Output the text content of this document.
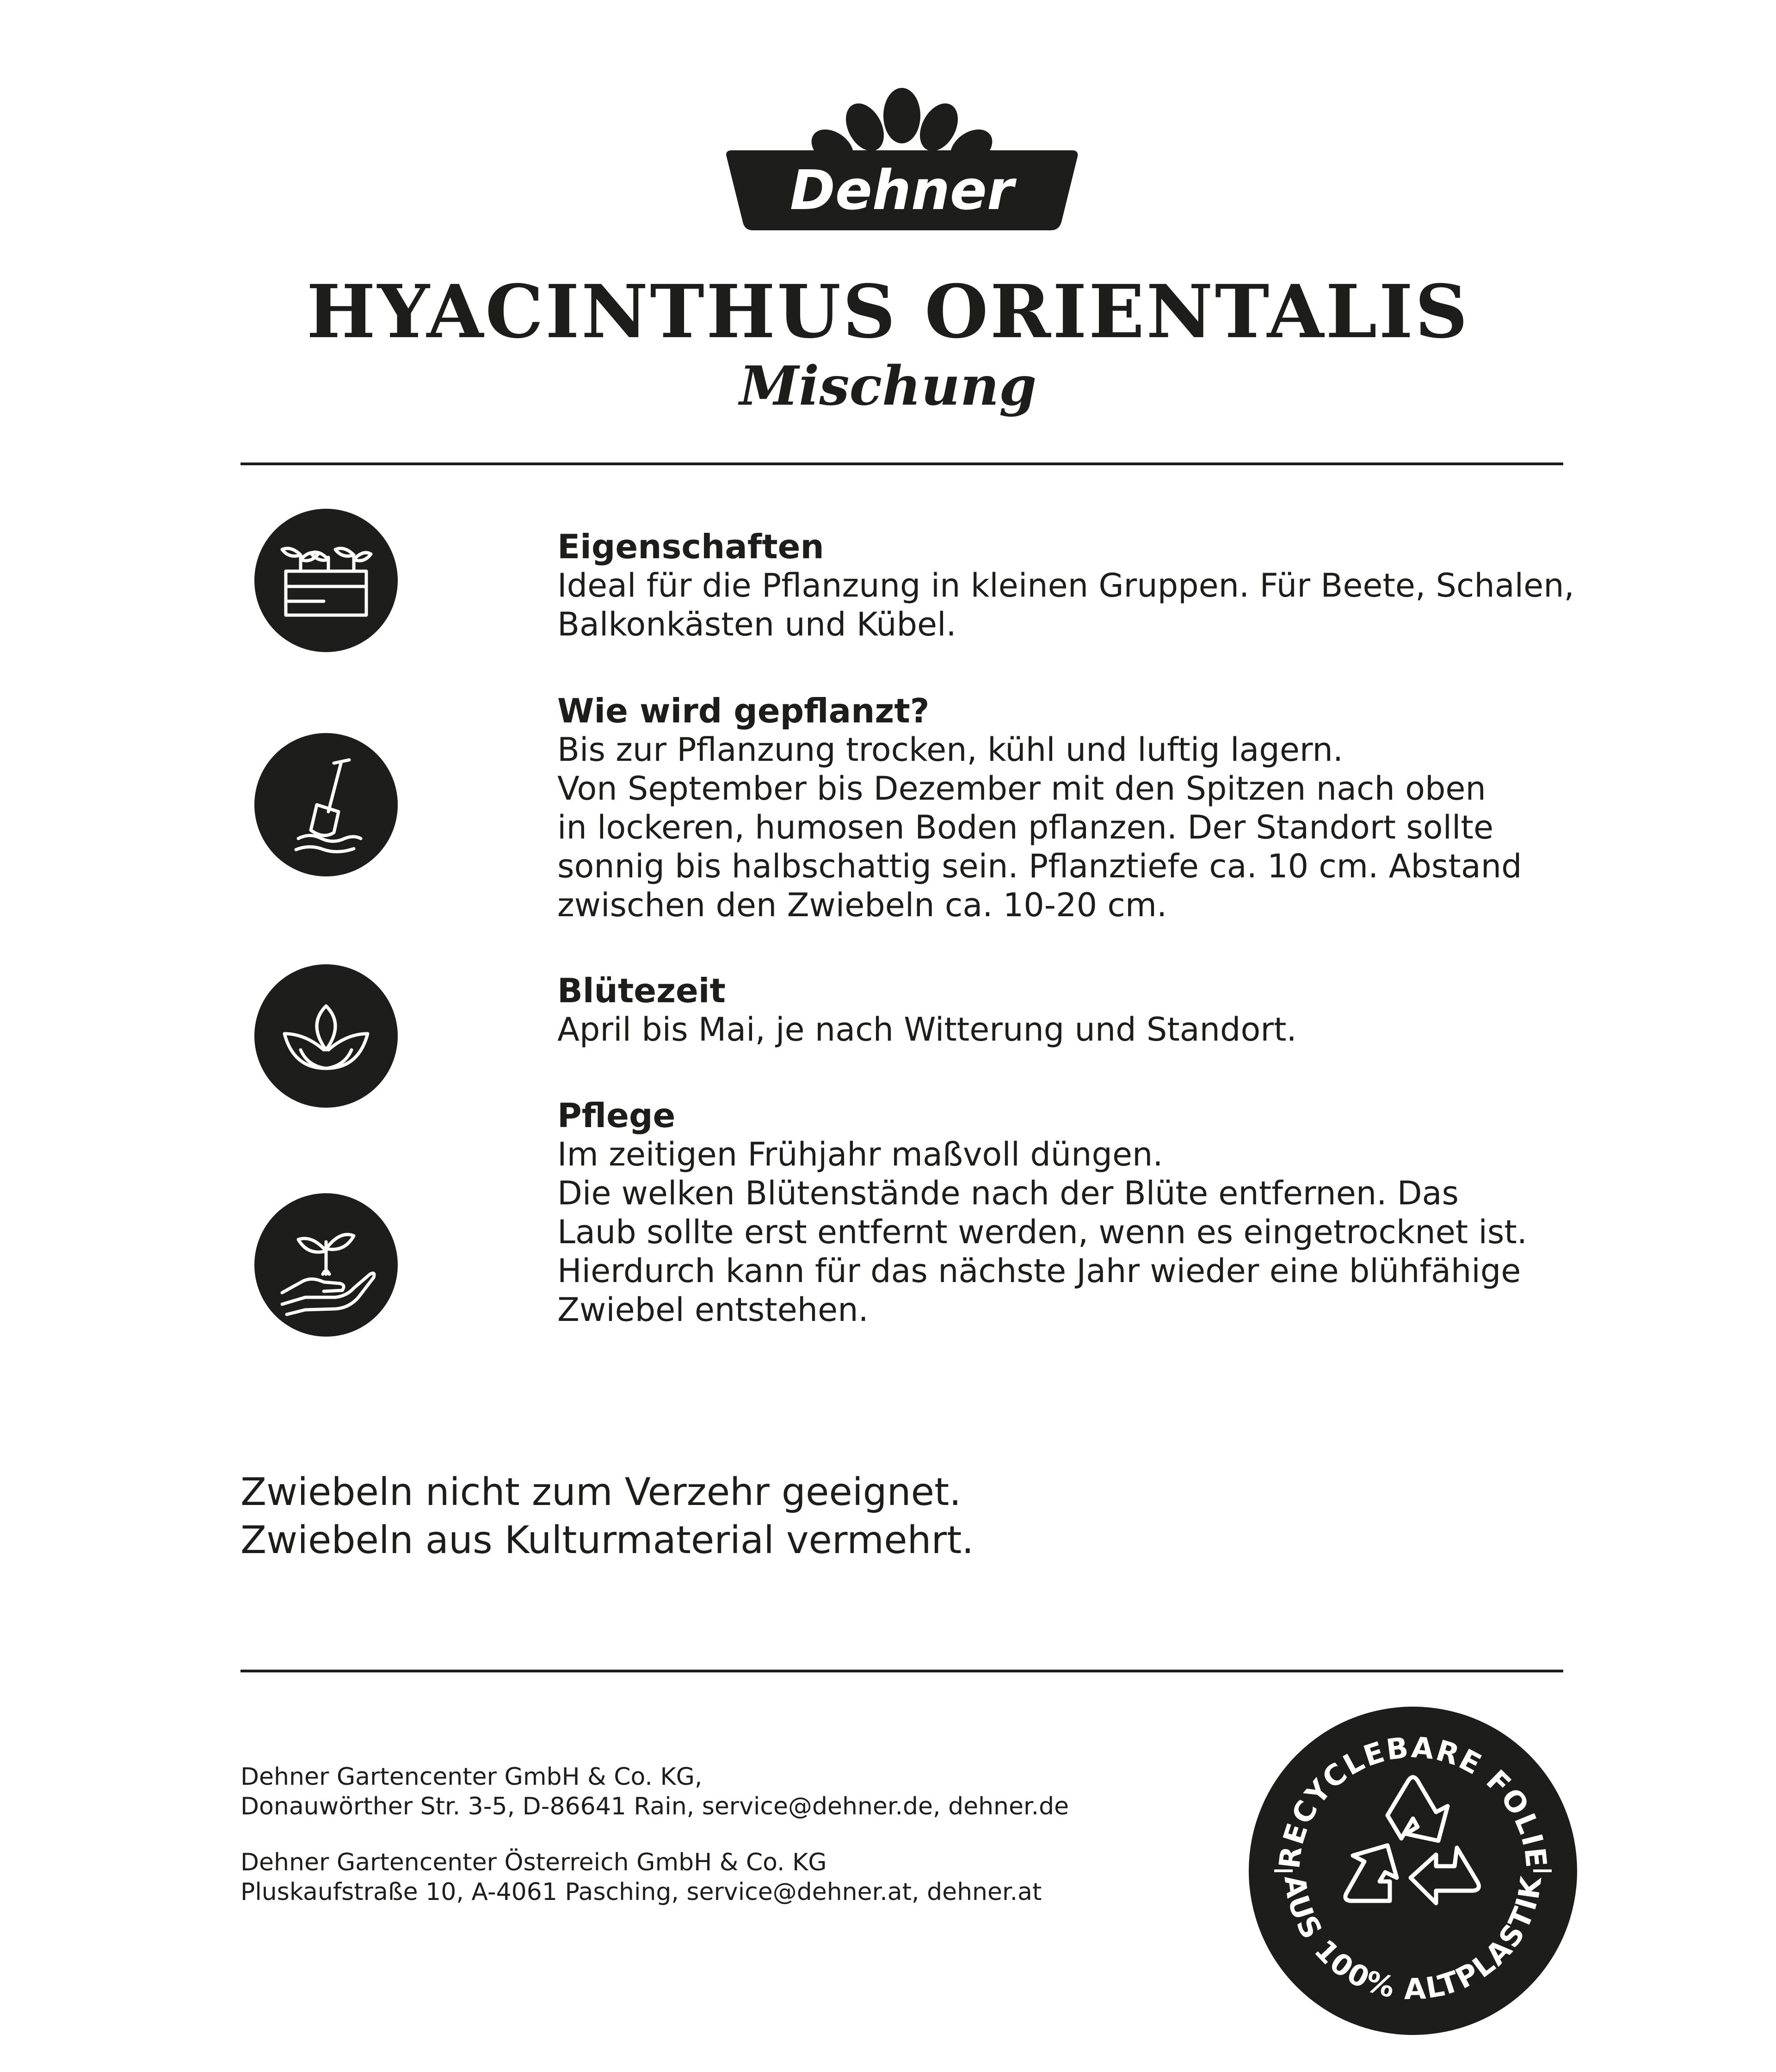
Dehner
HYACINTHUS ORIENTALIS
Mischung
Eigenschaften

Ideal für die Pflanzung in kleinen Gruppen. Für Beete, Schalen,
Balkonkästen und Kübel.

Wie wird gepflanzt?

Bis zur Pflanzung trocken, kühl und luftig lagern.
Von September bis Dezember mit den Spitzen nach oben
in lockeren, humosen Boden pflanzen. Der Standort sollte
sonnig bis halbschattig sein. Pflanztiefe ca. 10 cm. Abstand
zwischen den Zwiebeln ca. 10-20 cm.

Blütezeit

April bis Mai, je nach Witterung und Standort.

Pflege

Im zeitigen Frühjahr maßvoll düngen.
Die welken Blütenstände nach der Blüte entfernen. Das
Laub sollte erst entfernt werden, wenn es eingetrocknet ist.
Hierdurch kann für das nächste Jahr wieder eine blühfähige
Zwiebel entstehen.

Zwiebeln nicht zum Verzehr geeignet.
Zwiebeln aus Kulturmaterial vermehrt.
Dehner Gartencenter GmbH & Co. KG,
Donauwörther Str. 3-5, D-86641 Rain, service@dehner.de, dehner.de
Dehner Gartencenter Österreich GmbH & Co. KG
Pluskaufstraße 10, A-4061 Pasching, service@dehner.at, dehner.at
RECYCLEBARE FOLIE
AUS 100% ALTPLASTIK
